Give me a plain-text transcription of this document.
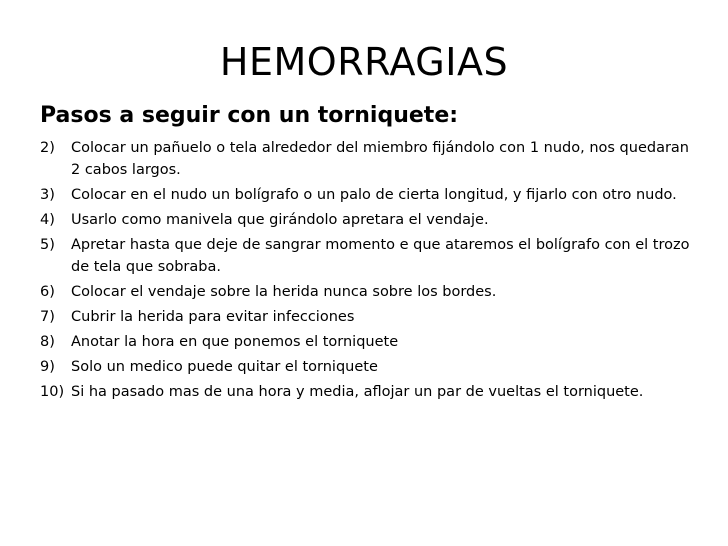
HEMORRAGIAS
Pasos a seguir con un torniquete:
2)	Colocar un pañuelo o tela alrededor del miembro fijándolo con 1 nudo, nos quedaran 2 cabos largos.
3)	Colocar en el nudo un bolígrafo o un palo de cierta longitud, y fijarlo con otro nudo.
4)	Usarlo como manivela que girándolo apretara el vendaje.
5)	Apretar hasta que deje de sangrar momento e que ataremos el bolígrafo con el trozo de tela que sobraba.
6)	Colocar el vendaje sobre la herida nunca sobre los bordes.
7)	Cubrir la herida para evitar infecciones
8)	Anotar la hora en que ponemos el torniquete
9)	Solo un medico puede quitar el torniquete
10) Si ha pasado mas de una hora y media, aflojar un par de vueltas el torniquete.
